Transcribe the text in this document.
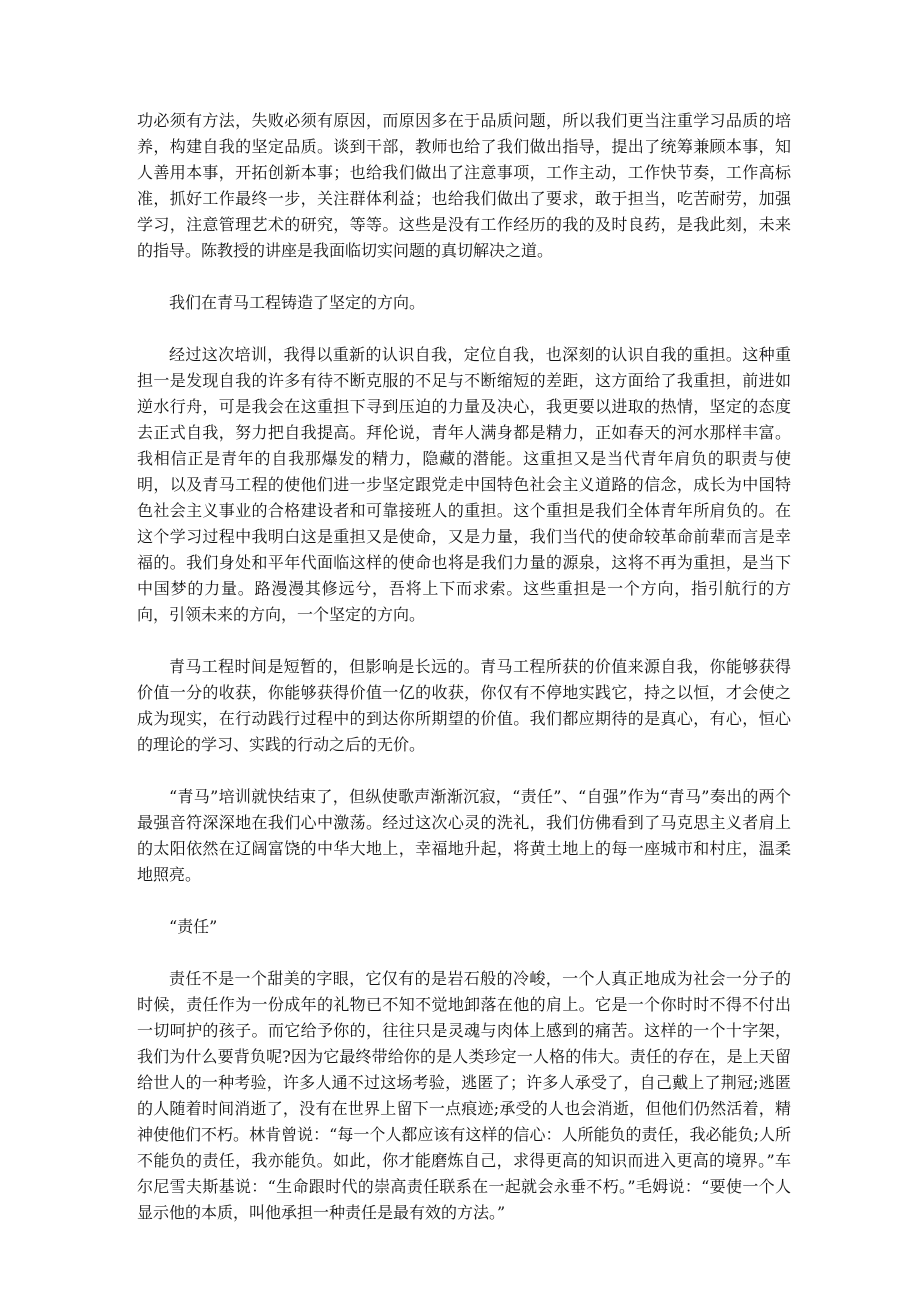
功必须有方法，失败必须有原因，而原因多在于品质问题，所以我们更当注重学习品质的培养，构建自我的坚定品质。谈到干部，教师也给了我们做出指导，提出了统筹兼顾本事，知人善用本事，开拓创新本事；也给我们做出了注意事项，工作主动，工作快节奏，工作高标准，抓好工作最终一步，关注群体利益；也给我们做出了要求，敢于担当，吃苦耐劳，加强学习，注意管理艺术的研究，等等。这些是没有工作经历的我的及时良药，是我此刻，未来的指导。陈教授的讲座是我面临切实问题的真切解决之道。

我们在青马工程铸造了坚定的方向。

经过这次培训，我得以重新的认识自我，定位自我，也深刻的认识自我的重担。这种重担一是发现自我的许多有待不断克服的不足与不断缩短的差距，这方面给了我重担，前进如逆水行舟，可是我会在这重担下寻到压迫的力量及决心，我更要以进取的热情，坚定的态度去正式自我，努力把自我提高。拜伦说，青年人满身都是精力，正如春天的河水那样丰富。我相信正是青年的自我那爆发的精力，隐藏的潜能。这重担又是当代青年肩负的职责与使明，以及青马工程的使他们进一步坚定跟党走中国特色社会主义道路的信念，成长为中国特色社会主义事业的合格建设者和可靠接班人的重担。这个重担是我们全体青年所肩负的。在这个学习过程中我明白这是重担又是使命，又是力量，我们当代的使命较革命前辈而言是幸福的。我们身处和平年代面临这样的使命也将是我们力量的源泉，这将不再为重担，是当下中国梦的力量。路漫漫其修远兮，吾将上下而求索。这些重担是一个方向，指引航行的方向，引领未来的方向，一个坚定的方向。

青马工程时间是短暂的，但影响是长远的。青马工程所获的价值来源自我，你能够获得价值一分的收获，你能够获得价值一亿的收获，你仅有不停地实践它，持之以恒，才会使之成为现实，在行动践行过程中的到达你所期望的价值。我们都应期待的是真心，有心，恒心的理论的学习、实践的行动之后的无价。

“青马”培训就快结束了，但纵使歌声渐渐沉寂，“责任”、“自强”作为“青马”奏出的两个最强音符深深地在我们心中激荡。经过这次心灵的洗礼，我们仿佛看到了马克思主义者肩上的太阳依然在辽阔富饶的中华大地上，幸福地升起，将黄土地上的每一座城市和村庄，温柔地照亮。

“责任”

责任不是一个甜美的字眼，它仅有的是岩石般的冷峻，一个人真正地成为社会一分子的时候，责任作为一份成年的礼物已不知不觉地卸落在他的肩上。它是一个你时时不得不付出一切呵护的孩子。而它给予你的，往往只是灵魂与肉体上感到的痛苦。这样的一个十字架，我们为什么要背负呢?因为它最终带给你的是人类珍定一人格的伟大。责任的存在，是上天留给世人的一种考验，许多人通不过这场考验，逃匿了；许多人承受了，自己戴上了荆冠;逃匿的人随着时间消逝了，没有在世界上留下一点痕迹;承受的人也会消逝，但他们仍然活着，精神使他们不朽。林肯曾说：“每一个人都应该有这样的信心：人所能负的责任，我必能负;人所不能负的责任，我亦能负。如此，你才能磨炼自己，求得更高的知识而进入更高的境界。”车尔尼雪夫斯基说：“生命跟时代的崇高责任联系在一起就会永垂不朽。”毛姆说：“要使一个人显示他的本质，叫他承担一种责任是最有效的方法。”
